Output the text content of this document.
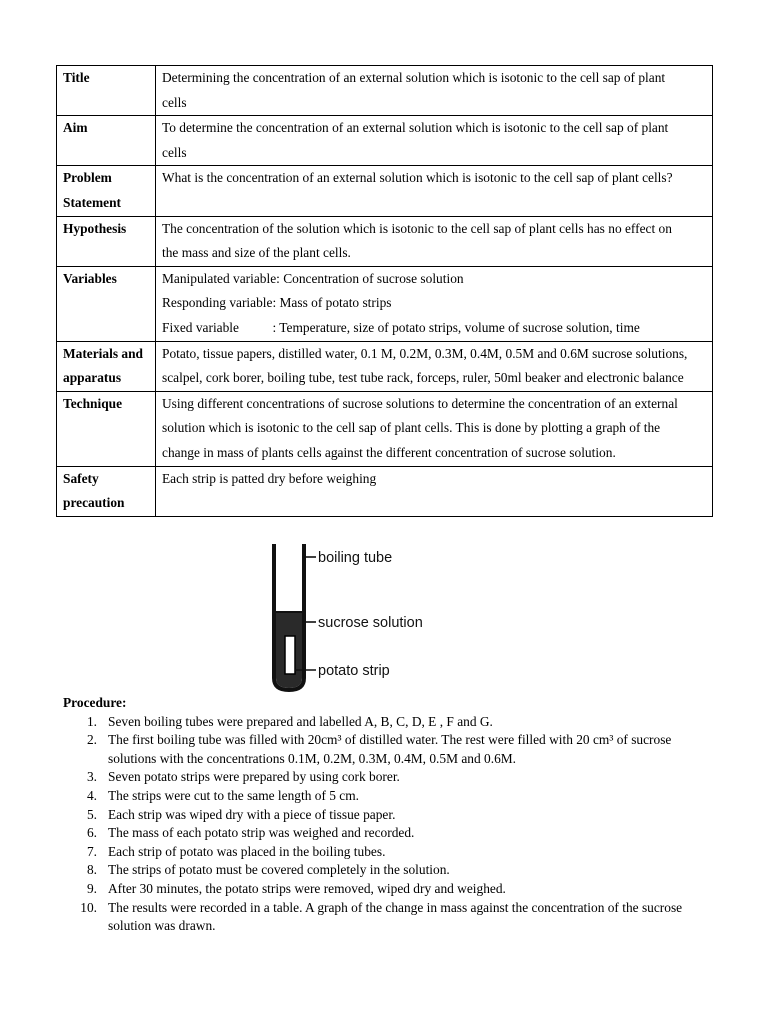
Title	Determining the concentration of an external solution which is isotonic to the cell sap of plant
cells

Aim	To determine the concentration of an external solution which is isotonic to the cell sap of plant
cells

Problem Statement	What is the concentration of an external solution which is isotonic to the cell sap of plant cells?

Hypothesis	The concentration of the solution which is isotonic to the cell sap of plant cells has no effect on
the mass and size of the plant cells.

Variables	Manipulated variable: Concentration of sucrose solution
Responding variable: Mass of potato strips
Fixed variable          : Temperature, size of potato strips, volume of sucrose solution, time

Materials and apparatus	Potato, tissue papers, distilled water, 0.1 M, 0.2M, 0.3M, 0.4M, 0.5M and 0.6M sucrose solutions,
scalpel, cork borer, boiling tube, test tube rack, forceps, ruler, 50ml beaker and electronic balance

Technique	Using different concentrations of sucrose solutions to determine the concentration of an external
solution which is isotonic to the cell sap of plant cells. This is done by plotting a graph of the
change in mass of plants cells against the different concentration of sucrose solution.

Safety precaution	Each strip is patted dry before weighing
boiling tube
sucrose solution
potato strip
Procedure:
1. Seven boiling tubes were prepared and labelled A, B, C, D, E , F and G.
2. The first boiling tube was filled with 20cm³ of distilled water. The rest were filled with 20 cm³ of sucrose solutions with the concentrations 0.1M, 0.2M, 0.3M, 0.4M, 0.5M and 0.6M.
3. Seven potato strips were prepared by using cork borer.
4. The strips were cut to the same length of 5 cm.
5. Each strip was wiped dry with a piece of tissue paper.
6. The mass of each potato strip was weighed and recorded.
7. Each strip of potato was placed in the boiling tubes.
8. The strips of potato must be covered completely in the solution.
9. After 30 minutes, the potato strips were removed, wiped dry and weighed.
10. The results were recorded in a table. A graph of the change in mass against the concentration of the sucrose solution was drawn.
